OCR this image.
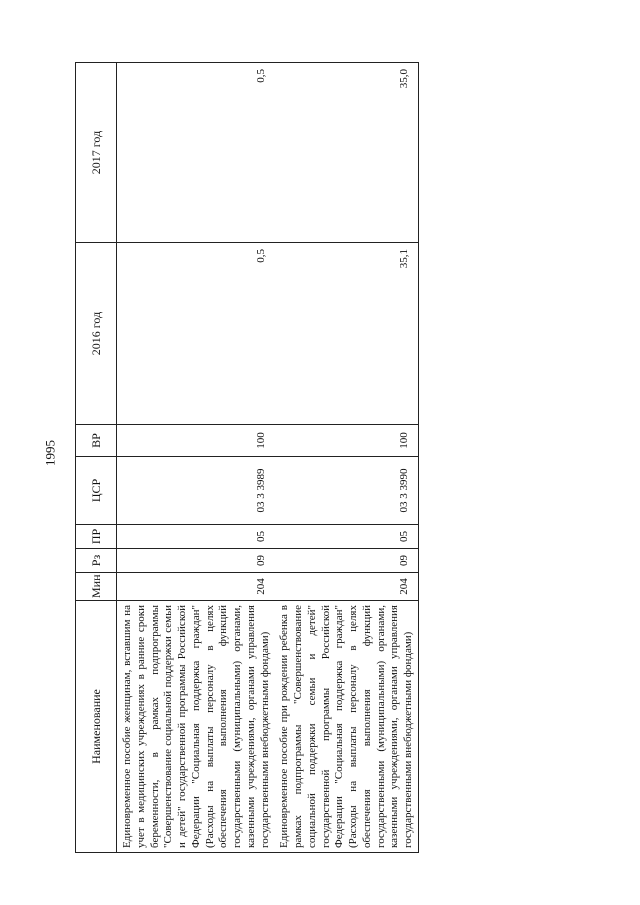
1995
Наименование	Мин	Рз	ПР	ЦСР	ВР	2016 год	2017 год
Единовременное пособие женщинам, вставшим на учет в медицинских учреждениях в ранние сроки беременности, в рамках подпрограммы "Совершенствование социальной поддержки семьи и детей" государственной программы Российской Федерации "Социальная поддержка граждан" (Расходы на выплаты персоналу в целях обеспечения выполнения функций государственными (муниципальными) органами, казенными учреждениями, органами управления государственными внебюджетными фондами)	204	09	05	03 3 3989	100	0,5	0,5
Единовременное пособие при рождении ребенка в рамках подпрограммы "Совершенствование социальной поддержки семьи и детей" государственной программы Российской Федерации "Социальная поддержка граждан" (Расходы на выплаты персоналу в целях обеспечения выполнения функций государственными (муниципальными) органами, казенными учреждениями, органами управления государственными внебюджетными фондами)	204	09	05	03 3 3990	100	35,1	35,0
